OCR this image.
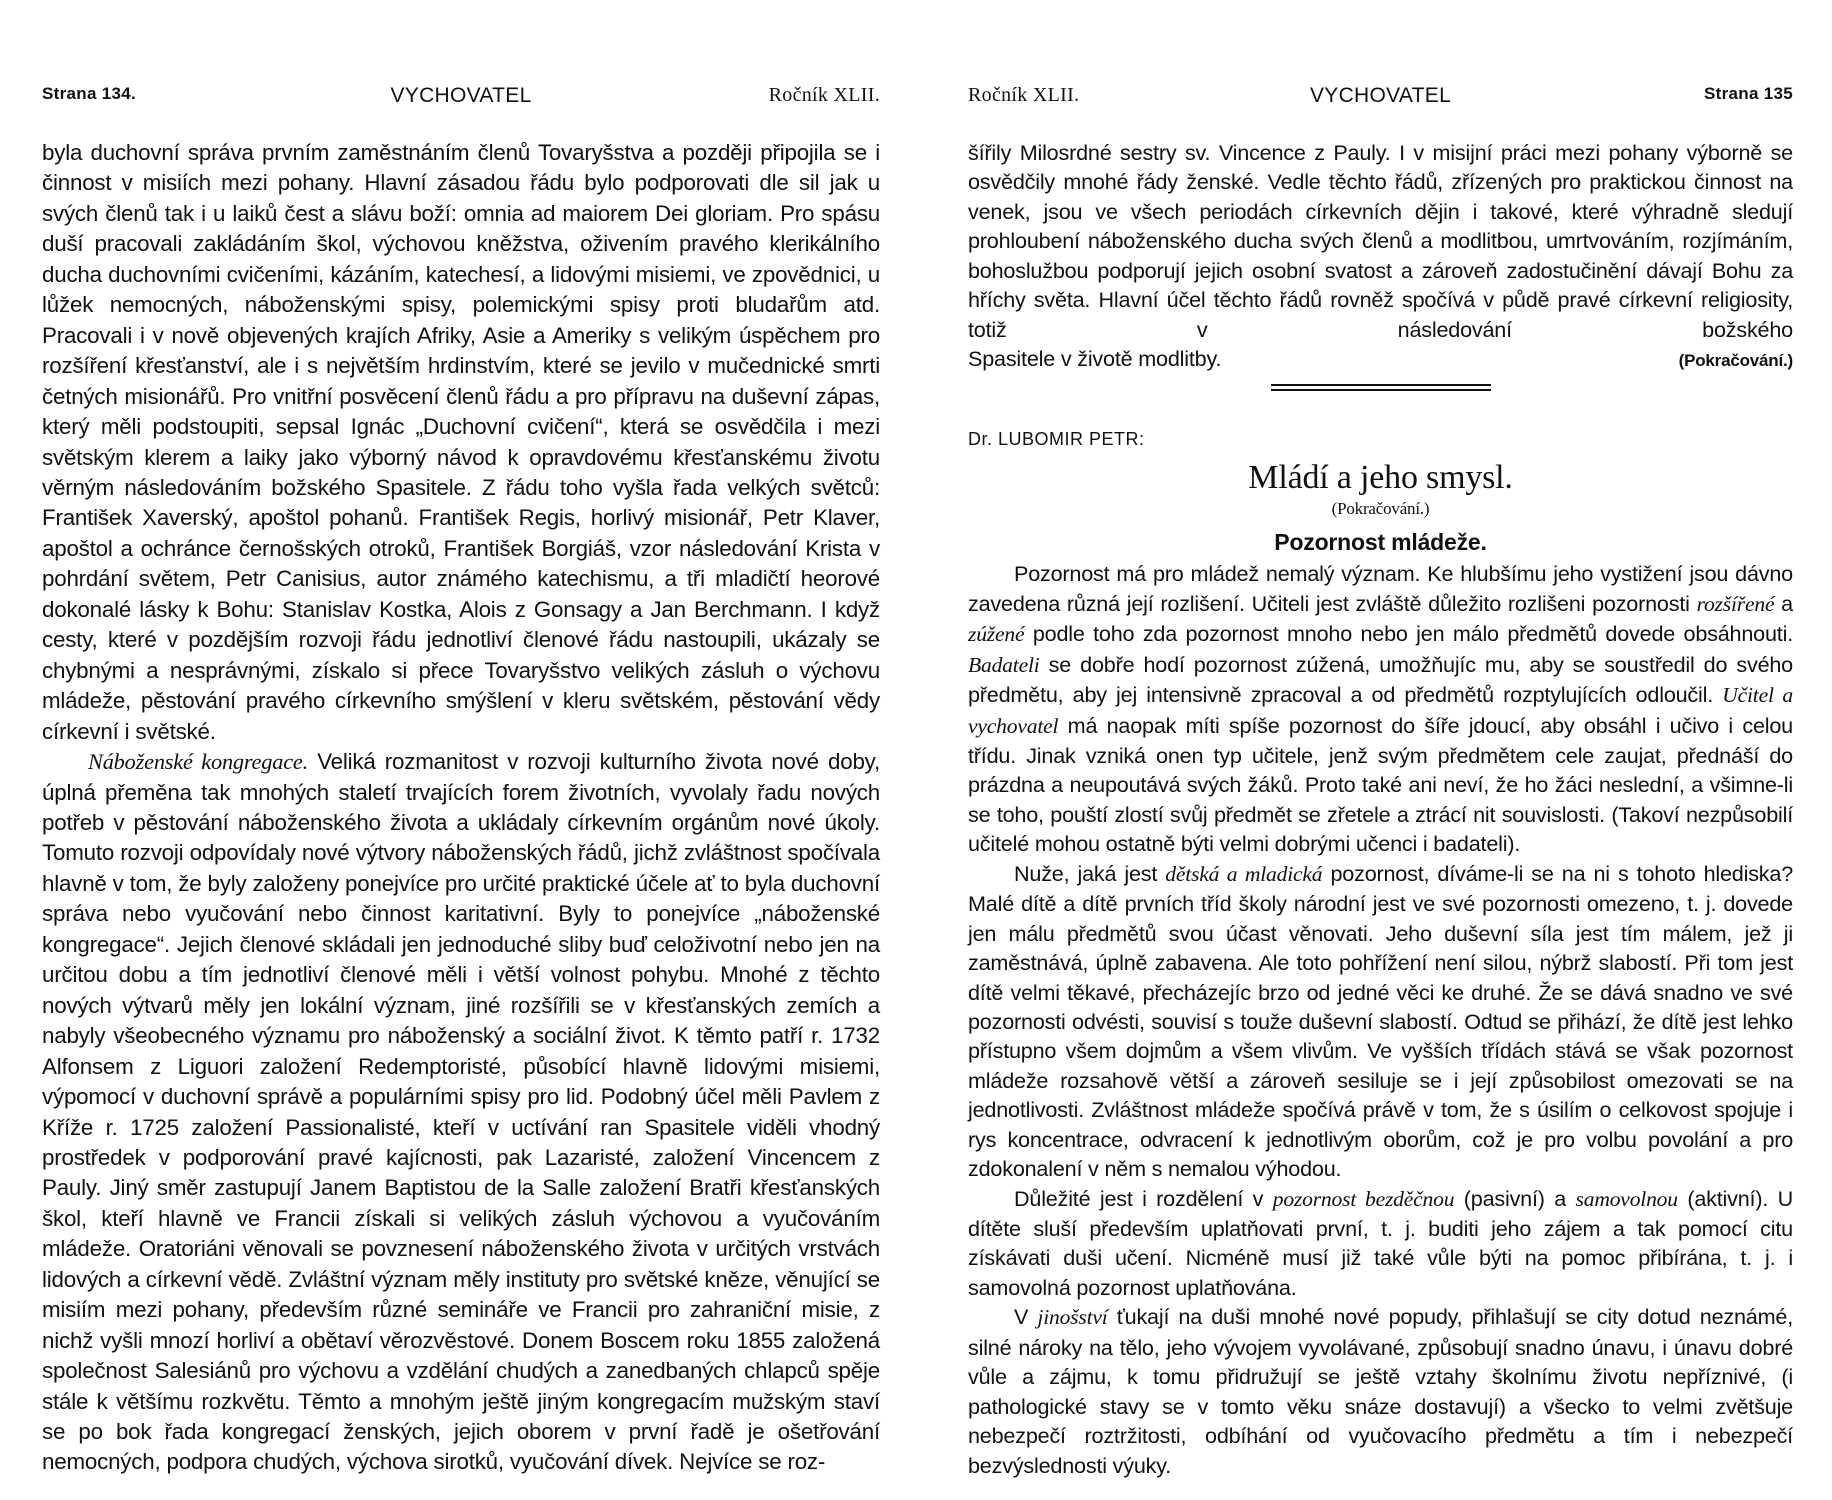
Strana 134.	VYCHOVATEL	Ročník XLII.

byla duchovní správa prvním zaměstnáním členů Tovaryšstva a později připojila se i činnost v misiích mezi pohany. Hlavní zásadou řádu bylo podporovati dle sil jak u svých členů tak i u laiků čest a slávu boží: omnia ad maiorem Dei gloriam. Pro spásu duší pracovali zakládáním škol, výchovou kněžstva, oživením pravého klerikálního ducha duchovními cvičeními, kázáním, katechesí, a lidovými misiemi, ve zpovědnici, u lůžek nemocných, náboženskými spisy, polemickými spisy proti bludařům atd. Pracovali i v nově objevených krajích Afriky, Asie a Ameriky s velikým úspěchem pro rozšíření křesťanství, ale i s největším hrdinstvím, které se jevilo v mučednické smrti četných misionářů. Pro vnitřní posvěcení členů řádu a pro přípravu na duševní zápas, který měli podstoupiti, sepsal Ignác „Duchovní cvičení“, která se osvědčila i mezi světským klerem a laiky jako výborný návod k opravdovému křesťanskému životu věrným následováním božského Spasitele. Z řádu toho vyšla řada velkých světců: František Xaverský, apoštol pohanů. František Regis, horlivý misionář, Petr Klaver, apoštol a ochránce černošských otroků, František Borgiáš, vzor následování Krista v pohrdání světem, Petr Canisius, autor známého katechismu, a tři mladičtí heorové dokonalé lásky k Bohu: Stanislav Kostka, Alois z Gonsagy a Jan Berchmann. I když cesty, které v pozdějším rozvoji řádu jednotliví členové řádu nastoupili, ukázaly se chybnými a nesprávnými, získalo si přece Tovaryšstvo velikých zásluh o výchovu mládeže, pěstování pravého církevního smýšlení v kleru světském, pěstování vědy církevní i světské.

Náboženské kongregace. Veliká rozmanitost v rozvoji kulturního života nové doby, úplná přeměna tak mnohých staletí trvajících forem životních, vyvolaly řadu nových potřeb v pěstování náboženského života a ukládaly církevním orgánům nové úkoly. Tomuto rozvoji odpovídaly nové výtvory náboženských řádů, jichž zvláštnost spočívala hlavně v tom, že byly založeny ponejvíce pro určité praktické účele ať to byla duchovní správa nebo vyučování nebo činnost karitativní. Byly to ponejvíce „náboženské kongregace“. Jejich členové skládali jen jednoduché sliby buď celoživotní nebo jen na určitou dobu a tím jednotliví členové měli i větší volnost pohybu. Mnohé z těchto nových výtvarů měly jen lokální význam, jiné rozšířili se v křesťanských zemích a nabyly všeobecného významu pro náboženský a sociální život. K těmto patří r. 1732 Alfonsem z Liguori založení Redemptoristé, působící hlavně lidovými misiemi, výpomocí v duchovní správě a populárními spisy pro lid. Podobný účel měli Pavlem z Kříže r. 1725 založení Passionalisté, kteří v uctívání ran Spasitele viděli vhodný prostředek v podporování pravé kajícnosti, pak Lazaristé, založení Vincencem z Pauly. Jiný směr zastupují Janem Baptistou de la Salle založení Bratři křesťanských škol, kteří hlavně ve Francii získali si velikých zásluh výchovou a vyučováním mládeže. Oratoriáni věnovali se povznesení náboženského života v určitých vrstvách lidových a církevní vědě. Zvláštní význam měly instituty pro světské kněze, věnující se misiím mezi pohany, především různé semináře ve Francii pro zahraniční misie, z nichž vyšli mnozí horliví a obětaví věrozvěstové. Donem Boscem roku 1855 založená společnost Salesiánů pro výchovu a vzdělání chudých a zanedbaných chlapců spěje stále k většímu rozkvětu. Těmto a mnohým ještě jiným kongregacím mužským staví se po bok řada kongregací ženských, jejich oborem v první řadě je ošetřování nemocných, podpora chudých, výchova sirotků, vyučování dívek. Nejvíce se roz-

Ročník XLII.	VYCHOVATEL	Strana 135

šířily Milosrdné sestry sv. Vincence z Pauly. I v misijní práci mezi pohany výborně se osvědčily mnohé řády ženské. Vedle těchto řádů, zřízených pro praktickou činnost na venek, jsou ve všech periodách církevních dějin i takové, které výhradně sledují prohloubení náboženského ducha svých členů a modlitbou, umrtvováním, rozjímáním, bohoslužbou podporují jejich osobní svatost a zároveň zadostučinění dávají Bohu za hříchy světa. Hlavní účel těchto řádů rovněž spočívá v půdě pravé církevní religiosity, totiž v následování božského

Spasitele v životě modlitby.	(Pokračování.)
Dr. LUBOMIR PETR:
Mládí a jeho smysl.
(Pokračování.)
Pozornost mládeže.

Pozornost má pro mládež nemalý význam. Ke hlubšímu jeho vystižení jsou dávno zavedena různá její rozlišení. Učiteli jest zvláště důležito rozlišeni pozornosti rozšířené a zúžené podle toho zda pozornost mnoho nebo jen málo předmětů dovede obsáhnouti. Badateli se dobře hodí pozornost zúžená, umožňujíc mu, aby se soustředil do svého předmětu, aby jej intensivně zpracoval a od předmětů rozptylujících odloučil. Učitel a vychovatel má naopak míti spíše pozornost do šíře jdoucí, aby obsáhl i učivo i celou třídu. Jinak vzniká onen typ učitele, jenž svým předmětem cele zaujat, přednáší do prázdna a neupoutává svých žáků. Proto také ani neví, že ho žáci neslední, a všimne-li se toho, pouští zlostí svůj předmět se zřetele a ztrácí nit souvislosti. (Takoví nezpůsobilí učitelé mohou ostatně býti velmi dobrými učenci i badateli).

Nuže, jaká jest dětská a mladická pozornost, díváme-li se na ni s tohoto hlediska? Malé dítě a dítě prvních tříd školy národní jest ve své pozornosti omezeno, t. j. dovede jen málu předmětů svou účast věnovati. Jeho duševní síla jest tím málem, jež ji zaměstnává, úplně zabavena. Ale toto pohřížení není silou, nýbrž slabostí. Při tom jest dítě velmi těkavé, přecházejíc brzo od jedné věci ke druhé. Že se dává snadno ve své pozornosti odvésti, souvisí s touže duševní slabostí. Odtud se přihází, že dítě jest lehko přístupno všem dojmům a všem vlivům. Ve vyšších třídách stává se však pozornost mládeže rozsahově větší a zároveň sesiluje se i její způsobilost omezovati se na jednotlivosti. Zvláštnost mládeže spočívá právě v tom, že s úsilím o celkovost spojuje i rys koncentrace, odvracení k jednotlivým oborům, což je pro volbu povolání a pro zdokonalení v něm s nemalou výhodou.

Důležité jest i rozdělení v pozornost bezděčnou (pasivní) a samovolnou (aktivní). U dítěte sluší především uplatňovati první, t. j. buditi jeho zájem a tak pomocí citu získávati duši učení. Nicméně musí již také vůle býti na pomoc přibírána, t. j. i samovolná pozornost uplatňována.

V jinošství ťukají na duši mnohé nové popudy, přihlašují se city dotud neznámé, silné nároky na tělo, jeho vývojem vyvolávané, způsobují snadno únavu, i únavu dobré vůle a zájmu, k tomu přidružují se ještě vztahy školnímu životu nepříznivé, (i pathologické stavy se v tomto věku snáze dostavují) a všecko to velmi zvětšuje nebezpečí roztržitosti, odbíhání od vyučovacího předmětu a tím i nebezpečí bezvýslednosti výuky.
